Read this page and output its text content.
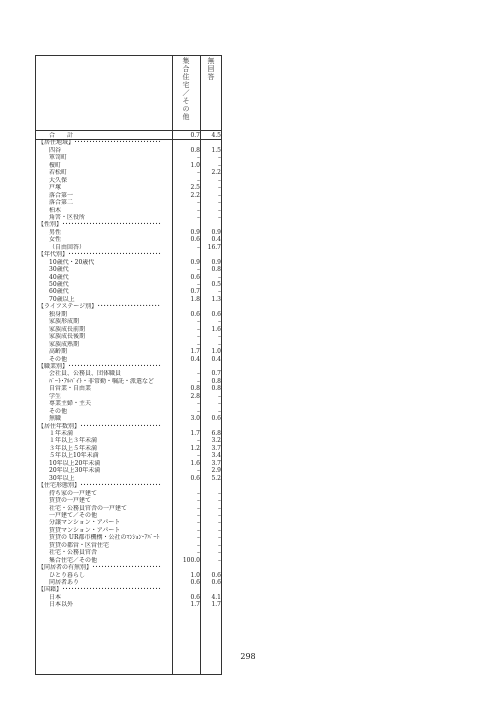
集
合
住
宅
／
そ
の
他
無
回
答
合　計	0.7	4.5
【居住地域】･････････････････････････････
四谷	0.8	1.5
箪笥町	–	–
榎町	1.0	–
若松町	–	2.2
大久保	–	–
戸塚	2.5	–
落合第一	2.2	–
落合第二	–	–
柏木	–	–
角筈・区役所	–	–
【性別】･････････････････････････････････
男性	0.9	0.9
女性	0.6	0.4
（自由回答）	–	16.7
【年代別】･･･････････････････････････････
10歳代・20歳代	0.9	0.9
30歳代	–	0.8
40歳代	0.6	–
50歳代	–	0.5
60歳代	0.7	–
70歳以上	1.8	1.3
【ライフステージ別】･････････････････････
独身期	0.6	0.6
家族形成期	–	–
家族成長前期	–	1.6
家族成長後期	–	–
家族成熟期	–	–
高齢期	1.7	1.0
その他	0.4	0.4
【職業別】･･･････････････････････････････
会社員、公務員、団体職員	–	0.7
ﾊﾟｰﾄ･ｱﾙﾊﾞｲﾄ・非常勤・嘱託・派遣など	–	0.8
自営業・自由業	0.8	0.8
学生	2.8	–
専業主婦・主夫	–	–
その他	–	–
無職	3.0	0.6
【居住年数別】･･･････････････････････････
１年未満	1.7	6.8
１年以上３年未満	–	3.2
３年以上５年未満	1.2	3.7
５年以上10年未満	–	3.4
10年以上20年未満	1.6	3.7
20年以上30年未満	–	2.9
30年以上	0.6	5.2
【住宅形態別】･･･････････････････････････
持ち家の一戸建て	–	–
賃貸の一戸建て	–	–
社宅・公務員官舎の一戸建て	–	–
一戸建て／その他	–	–
分譲マンション・アパート	–	–
賃貸マンション・アパート	–	–
賃貸の UR都市機構・公社のﾏﾝｼｮﾝ･ｱﾊﾟｰﾄ	–	–
賃貸の都営・区営住宅	–	–
社宅・公務員官舎	–	–
集合住宅／その他	100.0	–
【同居者の有無別】･･･････････････････････
ひとり暮らし	1.0	0.6
同居者あり	0.6	0.6
【国籍】･････････････････････････････････
日本	0.6	4.1
日本以外	1.7	1.7
298
